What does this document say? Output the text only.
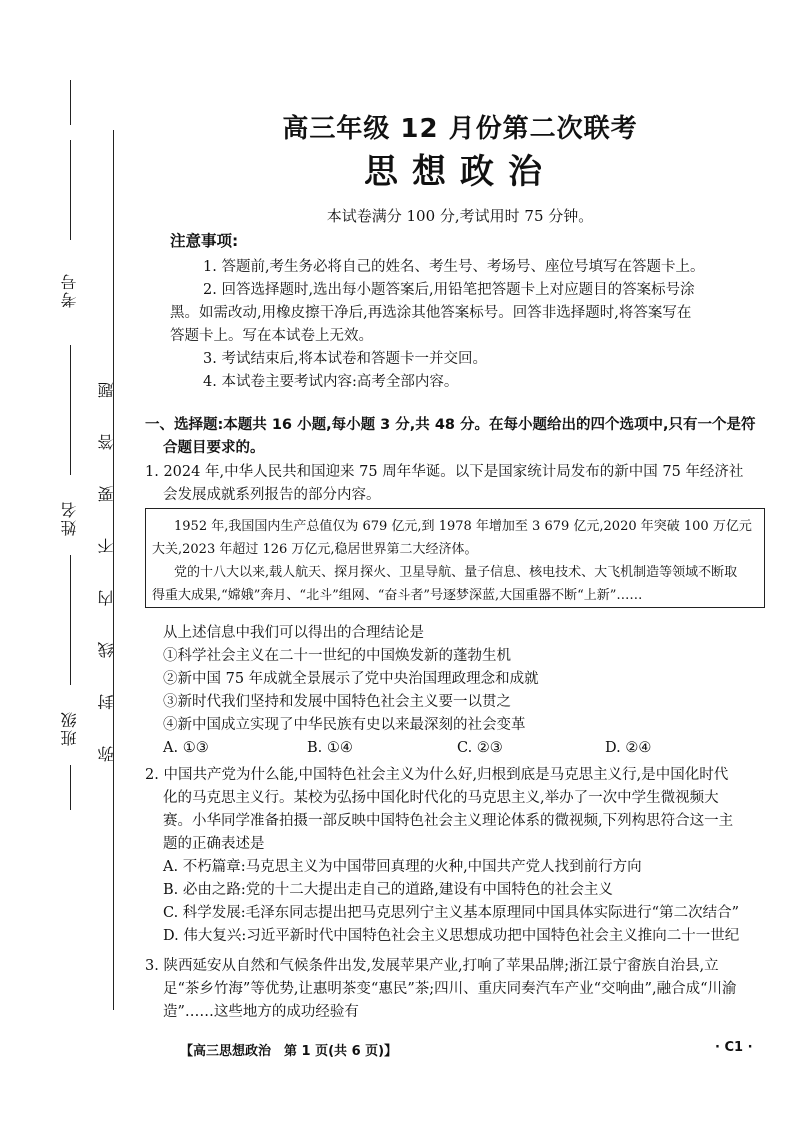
考号
姓名
班级
题
答
要
不
内
线
封
弥
高三年级 12 月份第二次联考
思想政治
本试卷满分 100 分,考试用时 75 分钟。
注意事项:
1. 答题前,考生务必将自己的姓名、考生号、考场号、座位号填写在答题卡上。
2. 回答选择题时,选出每小题答案后,用铅笔把答题卡上对应题目的答案标号涂
黑。如需改动,用橡皮擦干净后,再选涂其他答案标号。回答非选择题时,将答案写在
答题卡上。写在本试卷上无效。
3. 考试结束后,将本试卷和答题卡一并交回。
4. 本试卷主要考试内容:高考全部内容。
一、选择题:本题共 16 小题,每小题 3 分,共 48 分。在每小题给出的四个选项中,只有一个是符
合题目要求的。
1. 2024 年,中华人民共和国迎来 75 周年华诞。以下是国家统计局发布的新中国 75 年经济社
会发展成就系列报告的部分内容。
1952 年,我国国内生产总值仅为 679 亿元,到 1978 年增加至 3 679 亿元,2020 年突破 100 万亿元
大关,2023 年超过 126 万亿元,稳居世界第二大经济体。
党的十八大以来,载人航天、探月探火、卫星导航、量子信息、核电技术、大飞机制造等领域不断取
得重大成果,“嫦娥”奔月、“北斗”组网、“奋斗者”号逐梦深蓝,大国重器不断“上新”……
从上述信息中我们可以得出的合理结论是
①科学社会主义在二十一世纪的中国焕发新的蓬勃生机
②新中国 75 年成就全景展示了党中央治国理政理念和成就
③新时代我们坚持和发展中国特色社会主义要一以贯之
④新中国成立实现了中华民族有史以来最深刻的社会变革
A. ①③	B. ①④	C. ②③	D. ②④
2. 中国共产党为什么能,中国特色社会主义为什么好,归根到底是马克思主义行,是中国化时代
化的马克思主义行。某校为弘扬中国化时代化的马克思主义,举办了一次中学生微视频大
赛。小华同学准备拍摄一部反映中国特色社会主义理论体系的微视频,下列构思符合这一主
题的正确表述是
A. 不朽篇章:马克思主义为中国带回真理的火种,中国共产党人找到前行方向
B. 必由之路:党的十二大提出走自己的道路,建设有中国特色的社会主义
C. 科学发展:毛泽东同志提出把马克思列宁主义基本原理同中国具体实际进行“第二次结合”
D. 伟大复兴:习近平新时代中国特色社会主义思想成功把中国特色社会主义推向二十一世纪
3. 陕西延安从自然和气候条件出发,发展苹果产业,打响了苹果品牌;浙江景宁畲族自治县,立
足“茶乡竹海”等优势,让惠明茶变“惠民”茶;四川、重庆同奏汽车产业“交响曲”,融合成“川渝
造”……这些地方的成功经验有
【高三思想政治　第 1 页(共 6 页)】	· C1 ·
